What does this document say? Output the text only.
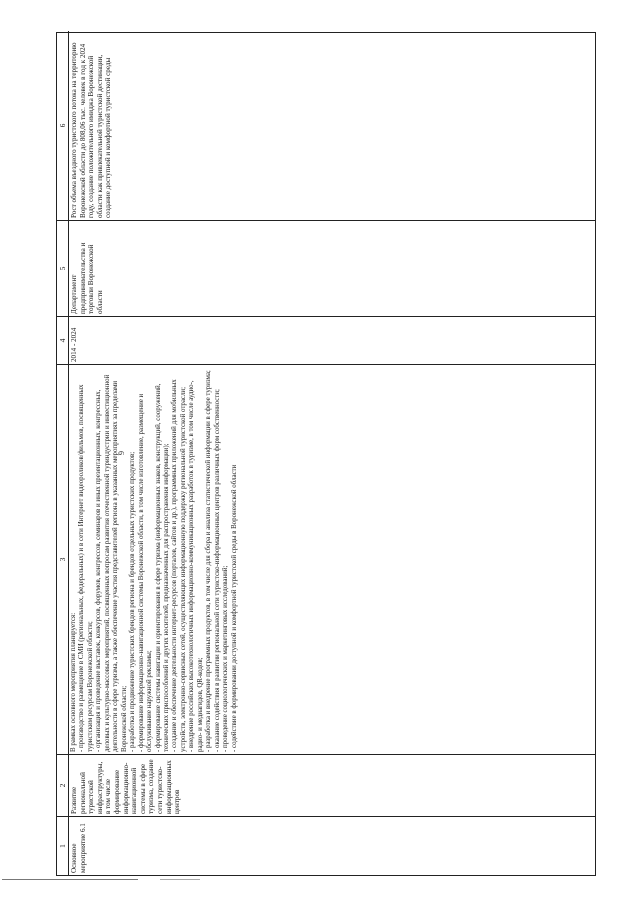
9
1 Основное мероприятие 6.1
2
Развитие региональной туристской инфраструктуры, в том числе формирование информационно-навигационной системы в сфере туризма, создание сети туристско-информационных центров
3
В рамках основного мероприятия планируется:
- производство и размещение в СМИ (региональных, федеральных) и в сети Интернет видеороликов/фильмов, посвященных туристским ресурсам Воронежской области;
- организация и проведение выставок, конкурсов, форумов, конгрессов, семинаров и иных презентационных, конгрессных, деловых и культурно-массовых мероприятий, посвященных вопросам развития отечественной туриндустрии и инвестиционной деятельности в сфере туризма, а также обеспечение участия представителей региона в указанных мероприятиях за пределами Воронежской области;
- разработка и продвижение туристских брендов региона и брендов отдельных туристских продуктов;
- формирование информационно-навигационной системы Воронежской области, в том числе изготовление, размещение и обслуживание наружной рекламы;
- формирование системы навигации и ориентирования в сфере туризма (информационных знаков, конструкций, сооружений, технических приспособлений и других носителей, предназначенных для распространения информации);
- создание и обеспечение деятельности интернет-ресурсов (порталов, сайтов и др.), программных приложений для мобильных устройств, электронно-сервисных сетей, осуществляющих информационную поддержку региональной туристской отрасли;
- внедрение российских высокотехнологичных информационно-коммуникационных разработок в туризме, в том числе аудио-, радио- и медиагидов, QR-кодов;
- разработка и внедрение программных продуктов, в том числе для сбора и анализа статистической информации в сфере туризма;
- оказание содействия в развитии региональной сети туристско-информационных центров различных форм собственности;
- проведение социологических и маркетинговых исследований;
- содействие в формировании доступной и комфортной туристской среды в Воронежской области
4 2014 - 2024
5
Департамент предпринимательства и торговли Воронежской области
6 Рост объема въездного туристского потока на территорию Воронежской области до 808,06 тыс. человек в год к 2024 году, создание положительного имиджа Воронежской области как привлекательной туристской дестинации, создание доступной и комфортной туристской среды
